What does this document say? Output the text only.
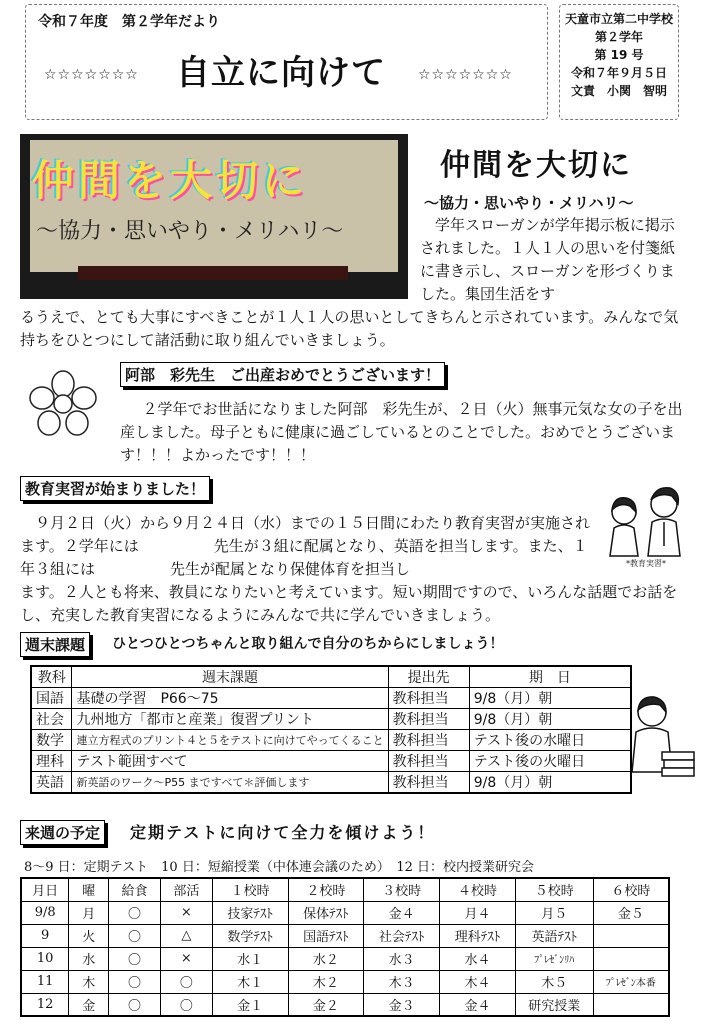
令和７年度　第２学年だより
☆☆☆☆☆☆☆ 自立に向けて ☆☆☆☆☆☆☆
天童市立第二中学校
第２学年
第 19 号
令和７年９月５日
文責　小関　智明
仲間を大切に
〜協力・思いやり・メリハリ〜
仲間を大切に
〜協力・思いやり・メリハリ〜
学年スローガンが学年掲示板に掲示されました。１人１人の思いを付箋紙に書き示し、スローガンを形づくりました。集団生活をす
るうえで、とても大事にすべきことが１人１人の思いとしてきちんと示されています。みんなで気持ちをひとつにして諸活動に取り組んでいきましょう。
阿部　彩先生　ご出産おめでとうございます！
２学年でお世話になりました阿部　彩先生が、２日（火）無事元気な女の子を出産しました。母子ともに健康に過ごしているとのことでした。おめでとうございます！！！よかったです！！！
教育実習が始まりました！
９月２日（火）から９月２４日（水）までの１５日間にわたり教育実習が実施されます。２学年には　　　　　先生が３組に配属となり、英語を担当します。また、１年３組には　　　　　先生が配属となり保健体育を担当し
ます。２人とも将来、教員になりたいと考えています。短い期間ですので、いろんな話題でお話をし、充実した教育実習になるようにみんなで共に学んでいきましょう。
*教育実習*
週末課題	ひとつひとつちゃんと取り組んで自分のちからにしましょう！
教科	週末課題	提出先	期　日
国語	基礎の学習　P66〜75	教科担当	9/8（月）朝
社会	九州地方「都市と産業」復習プリント	教科担当	9/8（月）朝
数学	連立方程式のプリント４と５をテストに向けてやってくること	教科担当	テスト後の水曜日
理科	テスト範囲すべて	教科担当	テスト後の火曜日
英語	新英語のワーク〜P55 まですべて＊評価します	教科担当	9/8（月）朝
来週の予定	定期テストに向けて全力を傾けよう！
8〜9 日：定期テスト　10 日：短縮授業（中体連会議のため）　12 日：校内授業研究会
月日	曜	給食	部活	１校時	２校時	３校時	４校時	５校時	６校時
9/8	月	〇	×	技家ﾃｽﾄ	保体ﾃｽﾄ	金４	月４	月５	金５
9	火	〇	△	数学ﾃｽﾄ	国語ﾃｽﾄ	社会ﾃｽﾄ	理科ﾃｽﾄ	英語ﾃｽﾄ	
10	水	〇	×	水１	水２	水３	水４	ﾌﾟﾚｾﾞﾝﾘﾊ	
11	木	〇	〇	木１	木２	木３	木４	木５	ﾌﾟﾚｾﾞﾝ本番
12	金	〇	〇	金１	金２	金３	金４	研究授業	
